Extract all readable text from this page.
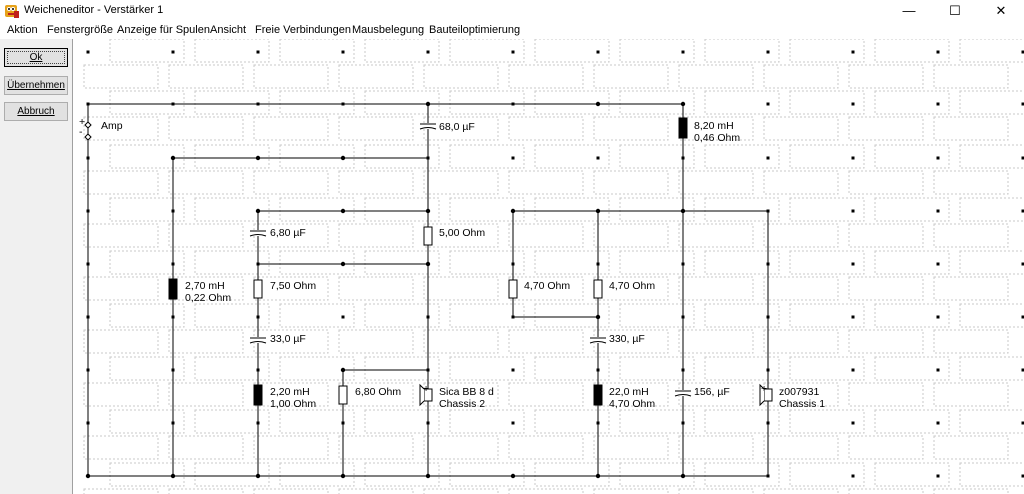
Weicheneditor - Verstärker 1	—	☐	✕
Aktion Fenstergröße Anzeige für Spulen Ansicht Freie Verbindungen Mausbelegung Bauteiloptimierung
Ok
Übernehmen
Abbruch
+
- Amp	68,0 µF	8,20 mH
0,46 Ohm
6,80 µF	5,00 Ohm
2,70 mH
0,22 Ohm
7,50 Ohm	4,70 Ohm	4,70 Ohm
33,0 µF	330, µF
2,20 mH
1,00 Ohm
6,80 Ohm + Sica BB 8 d
Chassis 2
22,0 mH
4,70 Ohm
156, µF	+ z007931
Chassis 1
